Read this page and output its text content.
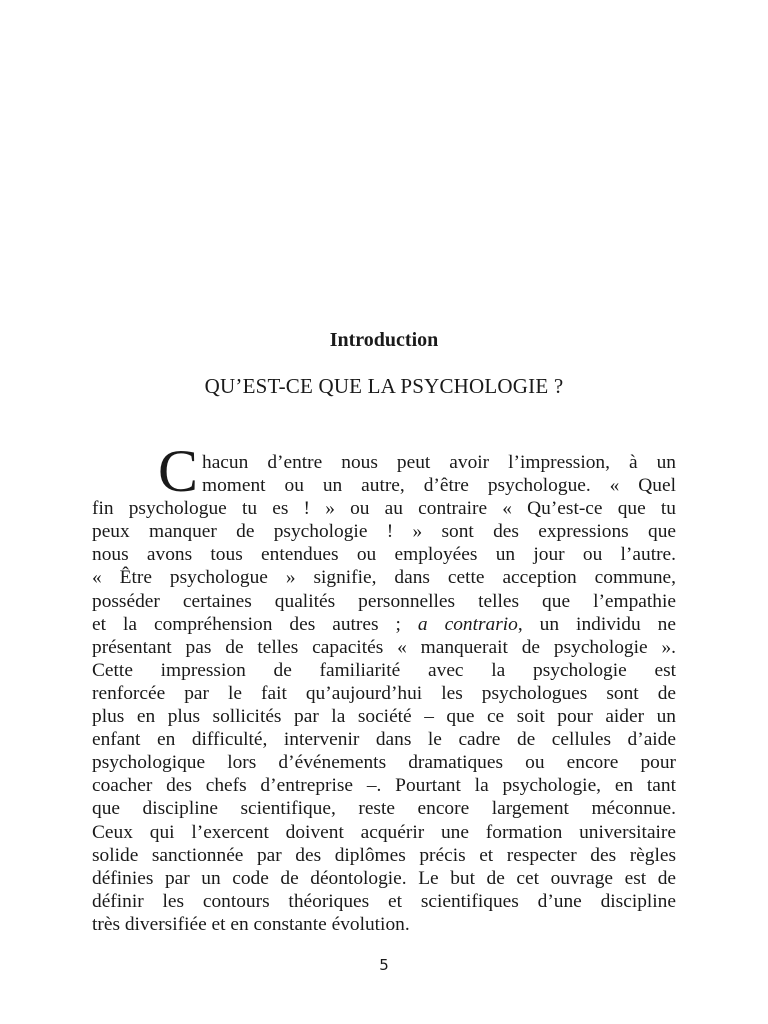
Introduction
QU’EST-CE QUE LA PSYCHOLOGIE ?
C hacun d’entre nous peut avoir l’impression, à un
moment ou un autre, d’être psychologue. « Quel
fin psychologue tu es ! » ou au contraire « Qu’est-ce que tu
peux manquer de psychologie ! » sont des expressions que
nous avons tous entendues ou employées un jour ou l’autre.
« Être psychologue » signifie, dans cette acception commune,
posséder certaines qualités personnelles telles que l’empathie
et la compréhension des autres ; a contrario, un individu ne
présentant pas de telles capacités « manquerait de psychologie ».
Cette impression de familiarité avec la psychologie est
renforcée par le fait qu’aujourd’hui les psychologues sont de
plus en plus sollicités par la société – que ce soit pour aider un
enfant en difficulté, intervenir dans le cadre de cellules d’aide
psychologique lors d’événements dramatiques ou encore pour
coacher des chefs d’entreprise –. Pourtant la psychologie, en tant
que discipline scientifique, reste encore largement méconnue.
Ceux qui l’exercent doivent acquérir une formation universitaire
solide sanctionnée par des diplômes précis et respecter des règles
définies par un code de déontologie. Le but de cet ouvrage est de
définir les contours théoriques et scientifiques d’une discipline
très diversifiée et en constante évolution.
5
